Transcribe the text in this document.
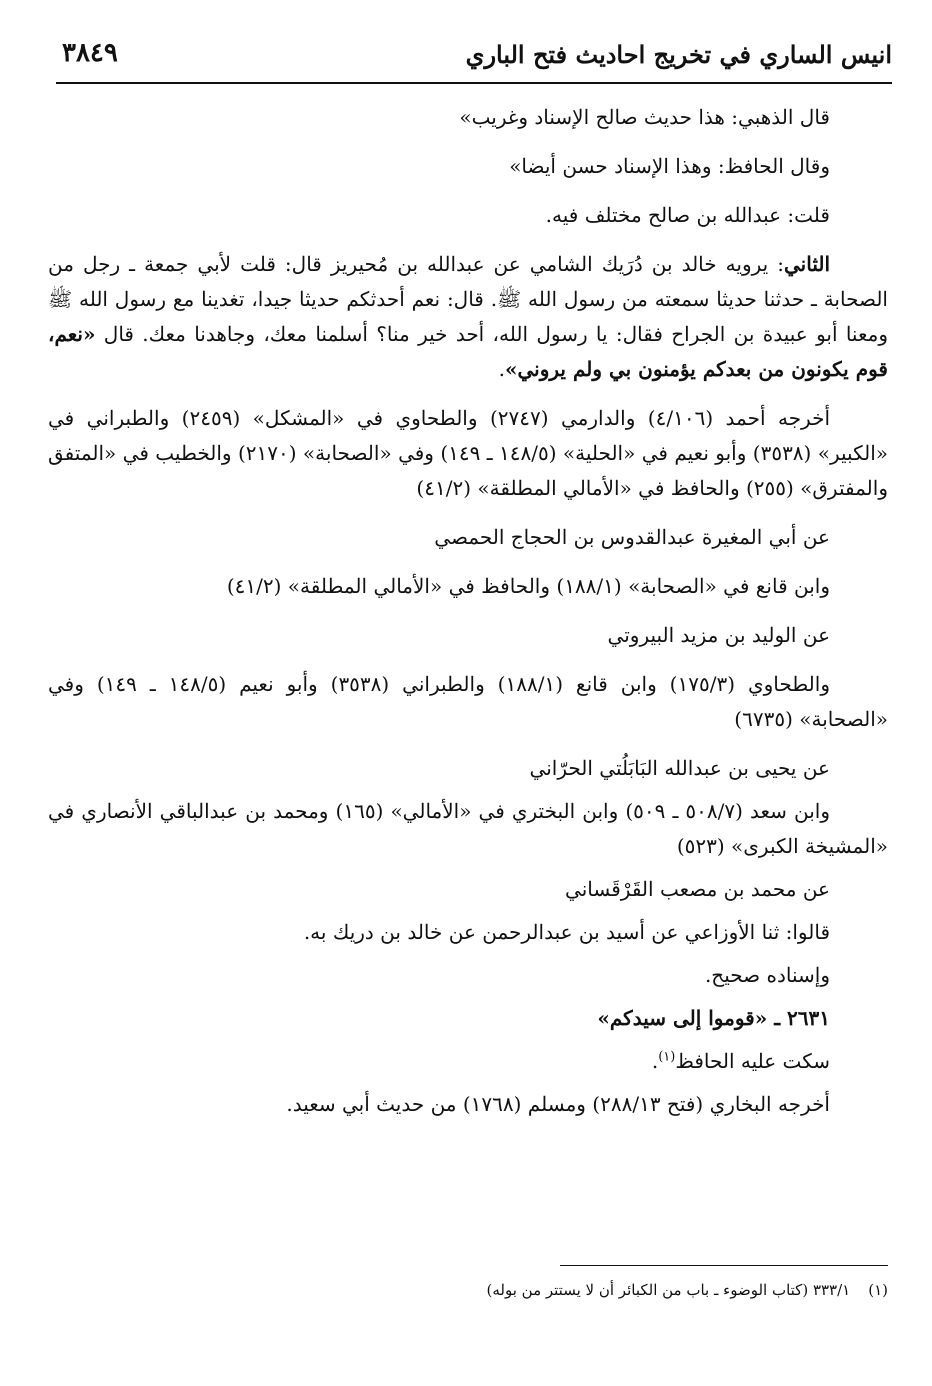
انيس الساري في تخريج احاديث فتح الباري
٣٨٤٩

قال الذهبي: هذا حديث صالح الإسناد وغريب»

وقال الحافظ: وهذا الإسناد حسن أيضا»

قلت: عبدالله بن صالح مختلف فيه.

الثاني: يرويه خالد بن دُرَيك الشامي عن عبدالله بن مُحيريز قال: قلت لأبي جمعة ـ رجل من الصحابة ـ حدثنا حديثا سمعته من رسول الله ﷺ. قال: نعم أحدثكم حديثا جيدا، تغدينا مع رسول الله ﷺ ومعنا أبو عبيدة بن الجراح فقال: يا رسول الله، أحد خير منا؟ أسلمنا معك، وجاهدنا معك. قال «نعم، قوم يكونون من بعدكم يؤمنون بي ولم يروني».

أخرجه أحمد (٤/١٠٦) والدارمي (٢٧٤٧) والطحاوي في «المشكل» (٢٤٥٩) والطبراني في «الكبير» (٣٥٣٨) وأبو نعيم في «الحلية» (١٤٨/٥ ـ ١٤٩) وفي «الصحابة» (٢١٧٠) والخطيب في «المتفق والمفترق» (٢٥٥) والحافظ في «الأمالي المطلقة» (٤١/٢)

عن أبي المغيرة عبدالقدوس بن الحجاج الحمصي

وابن قانع في «الصحابة» (١٨٨/١) والحافظ في «الأمالي المطلقة» (٤١/٢)

عن الوليد بن مزيد البيروتي

والطحاوي (١٧٥/٣) وابن قانع (١٨٨/١) والطبراني (٣٥٣٨) وأبو نعيم (١٤٨/٥ ـ ١٤٩) وفي «الصحابة» (٦٧٣٥)

عن يحيى بن عبدالله البَابَلُتي الحرّاني

وابن سعد (٥٠٨/٧ ـ ٥٠٩) وابن البختري في «الأمالي» (١٦٥) ومحمد بن عبدالباقي الأنصاري في «المشيخة الكبرى» (٥٢٣)

عن محمد بن مصعب القَرْقَساني

قالوا: ثنا الأوزاعي عن أسيد بن عبدالرحمن عن خالد بن دريك به.

وإسناده صحيح.

٢٦٣١ ـ «قوموا إلى سيدكم»

سكت عليه الحافظ$^{(١)}$.

أخرجه البخاري (فتح ٢٨٨/١٣) ومسلم (١٧٦٨) من حديث أبي سعيد.

(١)٣٣٣/١ (كتاب الوضوء ـ باب من الكبائر أن لا يستتر من بوله)
